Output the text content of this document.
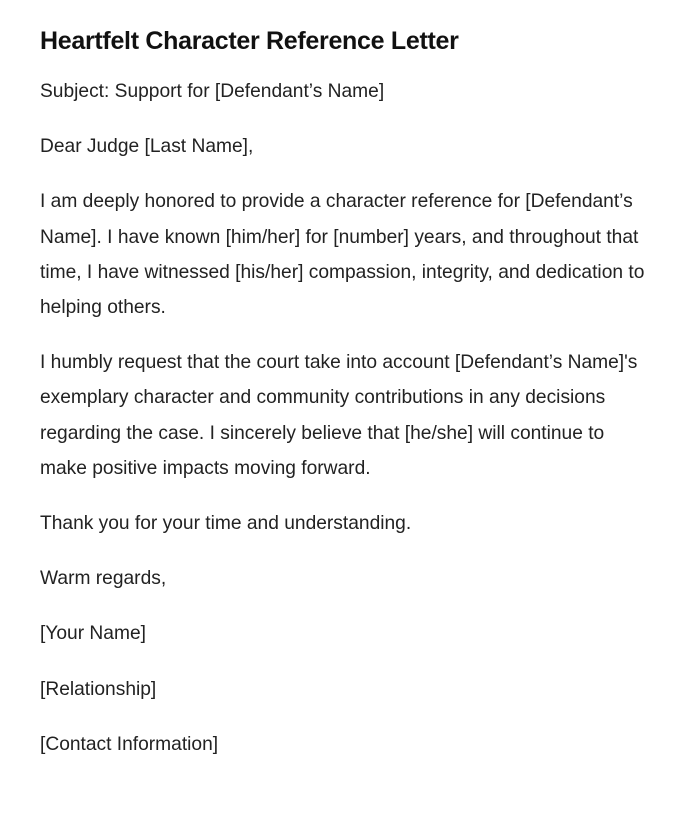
Heartfelt Character Reference Letter

Subject: Support for [Defendant’s Name]

Dear Judge [Last Name],

I am deeply honored to provide a character reference for [Defendant’s Name]. I have known [him/her] for [number] years, and throughout that time, I have witnessed [his/her] compassion, integrity, and dedication to helping others.

I humbly request that the court take into account [Defendant’s Name]'s exemplary character and community contributions in any decisions regarding the case. I sincerely believe that [he/she] will continue to make positive impacts moving forward.

Thank you for your time and understanding.

Warm regards,

[Your Name]

[Relationship]

[Contact Information]
